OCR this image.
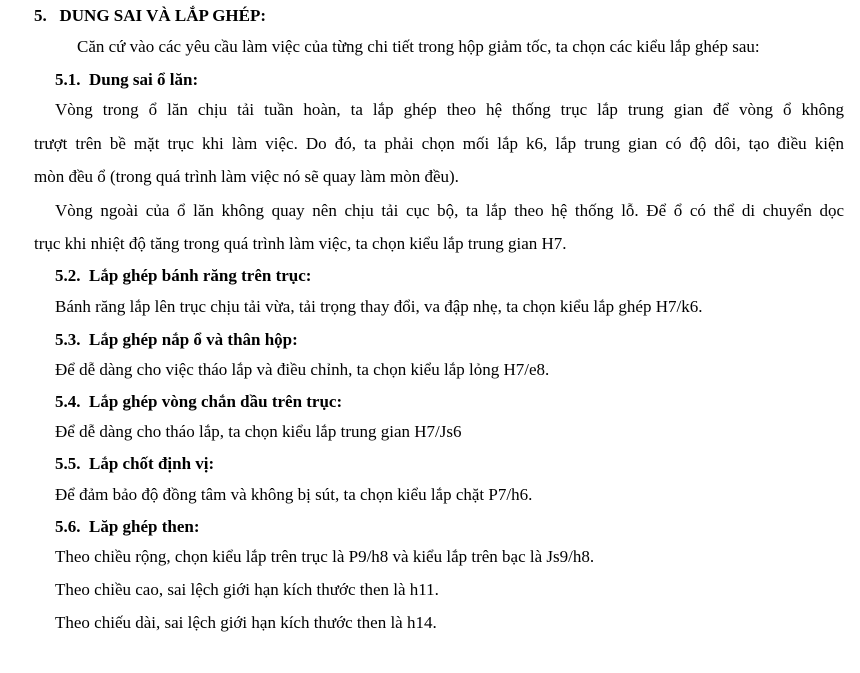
5. DUNG SAI VÀ LẮP GHÉP:
Căn cứ vào các yêu cầu làm việc của từng chi tiết trong hộp giảm tốc, ta chọn các kiểu lắp ghép sau:
5.1. Dung sai ổ lăn:
Vòng trong ổ lăn chịu tải tuần hoàn, ta lắp ghép theo hệ thống trục lắp trung gian để vòng ổ không
trượt trên bề mặt trục khi làm việc. Do đó, ta phải chọn mối lắp k6, lắp trung gian có độ dôi, tạo điều kiện
mòn đều ổ (trong quá trình làm việc nó sẽ quay làm mòn đều).
Vòng ngoài của ổ lăn không quay nên chịu tải cục bộ, ta lắp theo hệ thống lỗ. Để ổ có thể di chuyển dọc
trục khi nhiệt độ tăng trong quá trình làm việc, ta chọn kiểu lắp trung gian H7.
5.2. Lắp ghép bánh răng trên trục:
Bánh răng lắp lên trục chịu tải vừa, tải trọng thay đổi, va đập nhẹ, ta chọn kiểu lắp ghép H7/k6.
5.3. Lắp ghép nắp ổ và thân hộp:
Để dễ dàng cho việc tháo lắp và điều chỉnh, ta chọn kiểu lắp lỏng H7/e8.
5.4. Lắp ghép vòng chắn dầu trên trục:
Để dễ dàng cho tháo lắp, ta chọn kiểu lắp trung gian H7/Js6
5.5. Lắp chốt định vị:
Để đảm bảo độ đồng tâm và không bị sút, ta chọn kiểu lắp chặt P7/h6.
5.6. Lăp ghép then:
Theo chiều rộng, chọn kiểu lắp trên trục là P9/h8 và kiểu lắp trên bạc là Js9/h8.
Theo chiều cao, sai lệch giới hạn kích thước then là h11.
Theo chiếu dài, sai lệch giới hạn kích thước then là h14.
